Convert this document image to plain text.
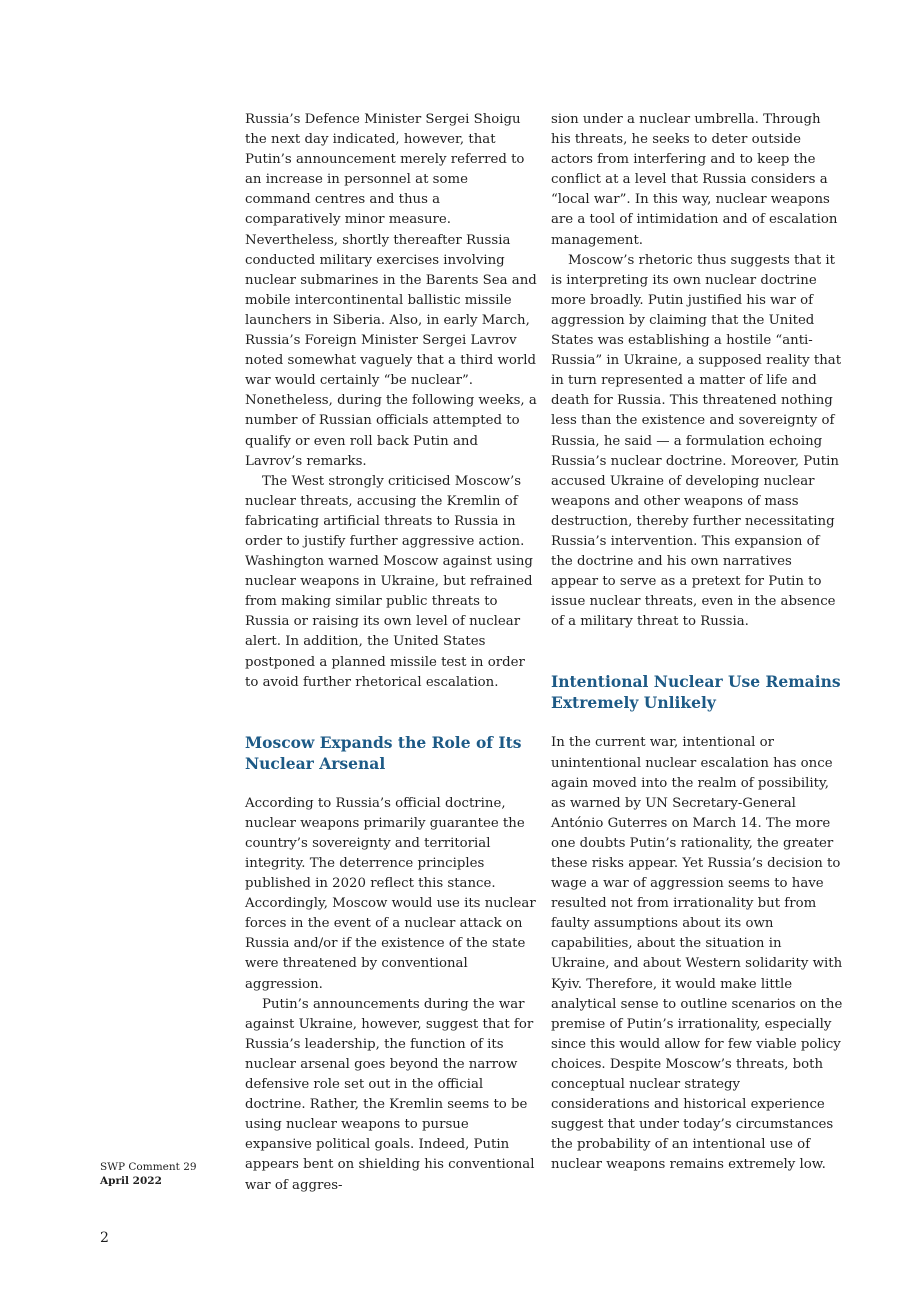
Russia’s Defence Minister Sergei Shoigu the next day indicated, however, that Putin’s announcement merely referred to an increase in personnel at some command centres and thus a comparatively minor measure. Nevertheless, shortly thereafter Russia conducted military exercises involving nuclear submarines in the Barents Sea and mobile intercontinental ballistic missile launchers in Siberia. Also, in early March, Russia’s Foreign Minister Sergei Lavrov noted somewhat vaguely that a third world war would certainly “be nuclear”. Nonetheless, during the following weeks, a number of Russian officials attempted to qualify or even roll back Putin and Lavrov’s remarks.

The West strongly criticised Moscow’s nuclear threats, accusing the Kremlin of fabricating artificial threats to Russia in order to justify further aggressive action. Washington warned Moscow against using nuclear weapons in Ukraine, but refrained from making similar public threats to Russia or raising its own level of nuclear alert. In addition, the United States postponed a planned missile test in order to avoid further rhetorical escalation.

Moscow Expands the Role of Its Nuclear Arsenal

According to Russia’s official doctrine, nuclear weapons primarily guarantee the country’s sovereignty and territorial integrity. The deterrence principles published in 2020 reflect this stance. Accordingly, Moscow would use its nuclear forces in the event of a nuclear attack on Russia and/or if the existence of the state were threatened by conventional aggression.

Putin’s announcements during the war against Ukraine, however, suggest that for Russia’s leadership, the function of its nuclear arsenal goes beyond the narrow defensive role set out in the official doctrine. Rather, the Kremlin seems to be using nuclear weapons to pursue expansive political goals. Indeed, Putin appears bent on shielding his conventional war of aggres-

sion under a nuclear umbrella. Through his threats, he seeks to deter outside actors from interfering and to keep the conflict at a level that Russia considers a “local war”. In this way, nuclear weapons are a tool of intimidation and of escalation management.

Moscow’s rhetoric thus suggests that it is interpreting its own nuclear doctrine more broadly. Putin justified his war of aggression by claiming that the United States was establishing a hostile “anti-Russia” in Ukraine, a supposed reality that in turn represented a matter of life and death for Russia. This threatened nothing less than the existence and sovereignty of Russia, he said — a formulation echoing Russia’s nuclear doctrine. Moreover, Putin accused Ukraine of developing nuclear weapons and other weapons of mass destruction, thereby further necessitating Russia’s intervention. This expansion of the doctrine and his own narratives appear to serve as a pretext for Putin to issue nuclear threats, even in the absence of a military threat to Russia.

Intentional Nuclear Use Remains Extremely Unlikely

In the current war, intentional or unintentional nuclear escalation has once again moved into the realm of possibility, as warned by UN Secretary-General António Guterres on March 14. The more one doubts Putin’s rationality, the greater these risks appear. Yet Russia’s decision to wage a war of aggression seems to have resulted not from irrationality but from faulty assumptions about its own capabilities, about the situation in Ukraine, and about Western solidarity with Kyiv. Therefore, it would make little analytical sense to outline scenarios on the premise of Putin’s irrationality, especially since this would allow for few viable policy choices. Despite Moscow’s threats, both conceptual nuclear strategy considerations and historical experience suggest that under today’s circumstances the probability of an intentional use of nuclear weapons remains extremely low.

SWP Comment 29
April 2022
2
